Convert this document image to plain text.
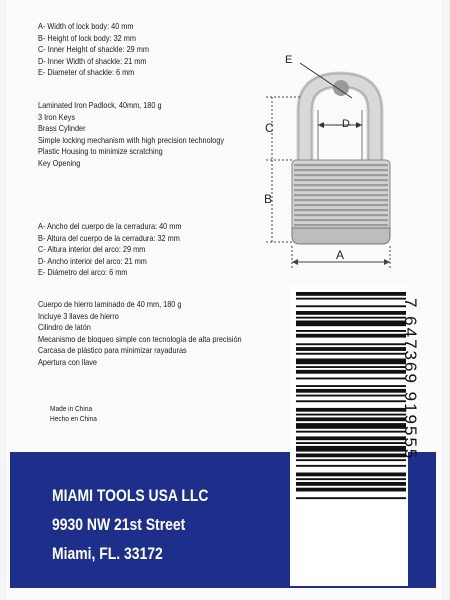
A- Width of lock body: 40 mm
B- Height of lock body: 32 mm
C- Inner Height of shackle: 29 mm
D- Inner Width of shackle: 21 mm
E- Diameter of shackle: 6 mm
Laminated Iron Padlock, 40mm, 180 g
3 Iron Keys
Brass Cylinder
Simple locking mechanism with high precision technology
Plastic Housing to minimize scratching
Key Opening
A- Ancho del cuerpo de la cerradura: 40 mm
B- Altura del cuerpo de la cerradura: 32 mm
C- Altura interior del arco: 29 mm
D- Ancho interior del arco: 21 mm
E- Diámetro del arco: 6 mm
Cuerpo de hierro laminado de 40 mm, 180 g
Incluye 3 llaves de hierro
Cilindro de latón
Mecanismo de bloqueo simple con tecnología de alta precisión
Carcasa de plástico para minimizar rayaduras
Apertura con llave
Made in China
Hecho en China
E
D
C
B
A
MIAMI TOOLS USA LLC
9930 NW 21st Street
Miami, FL. 33172
7 647369 919555
